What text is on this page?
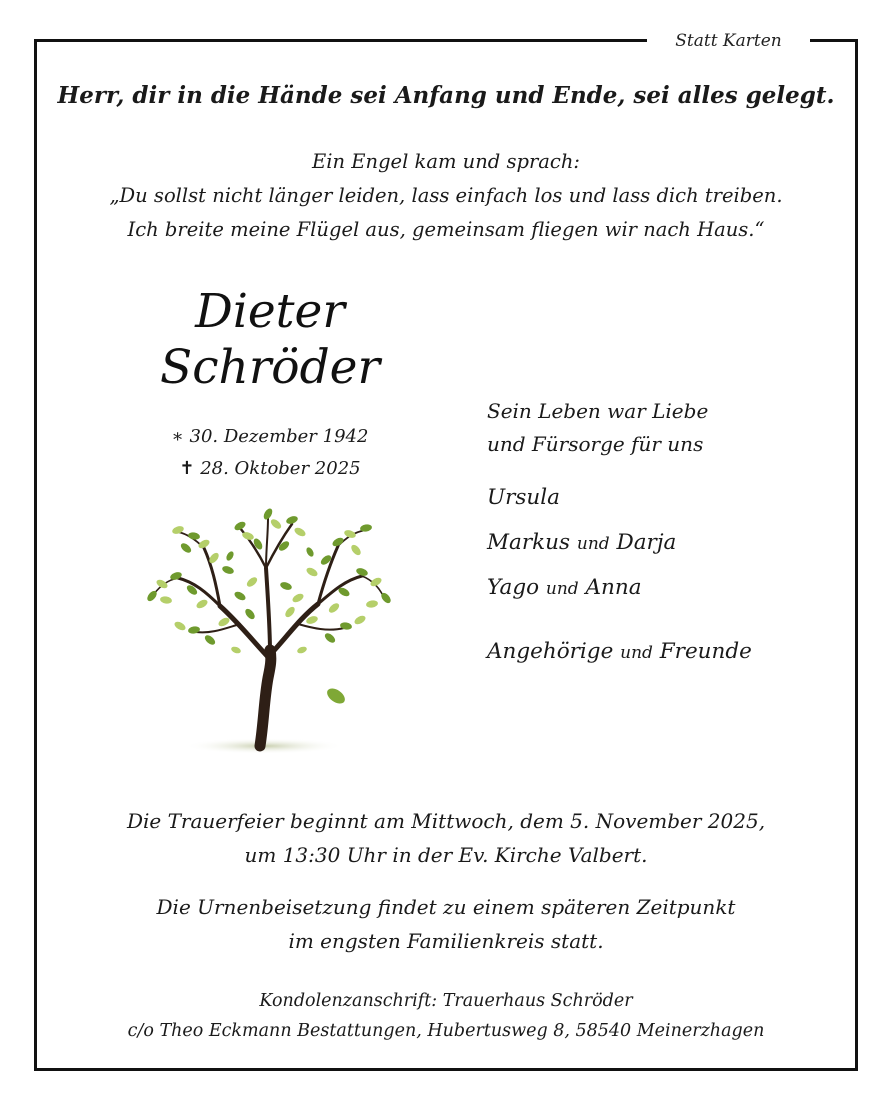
Statt Karten
Herr, dir in die Hände sei Anfang und Ende, sei alles gelegt.
Ein Engel kam und sprach:
„Du sollst nicht länger leiden, lass einfach los und lass dich treiben.
Ich breite meine Flügel aus, gemeinsam fliegen wir nach Haus.“
Dieter
Schröder
∗ 30. Dezember 1942
✝ 28. Oktober 2025
Sein Leben war Liebe
und Fürsorge für uns
Ursula
Markus und Darja
Yago und Anna
Angehörige und Freunde
Die Trauerfeier beginnt am Mittwoch, dem 5. November 2025,
um 13:30 Uhr in der Ev. Kirche Valbert.
Die Urnenbeisetzung findet zu einem späteren Zeitpunkt
im engsten Familienkreis statt.
Kondolenzanschrift: Trauerhaus Schröder
c/o Theo Eckmann Bestattungen, Hubertusweg 8, 58540 Meinerzhagen
